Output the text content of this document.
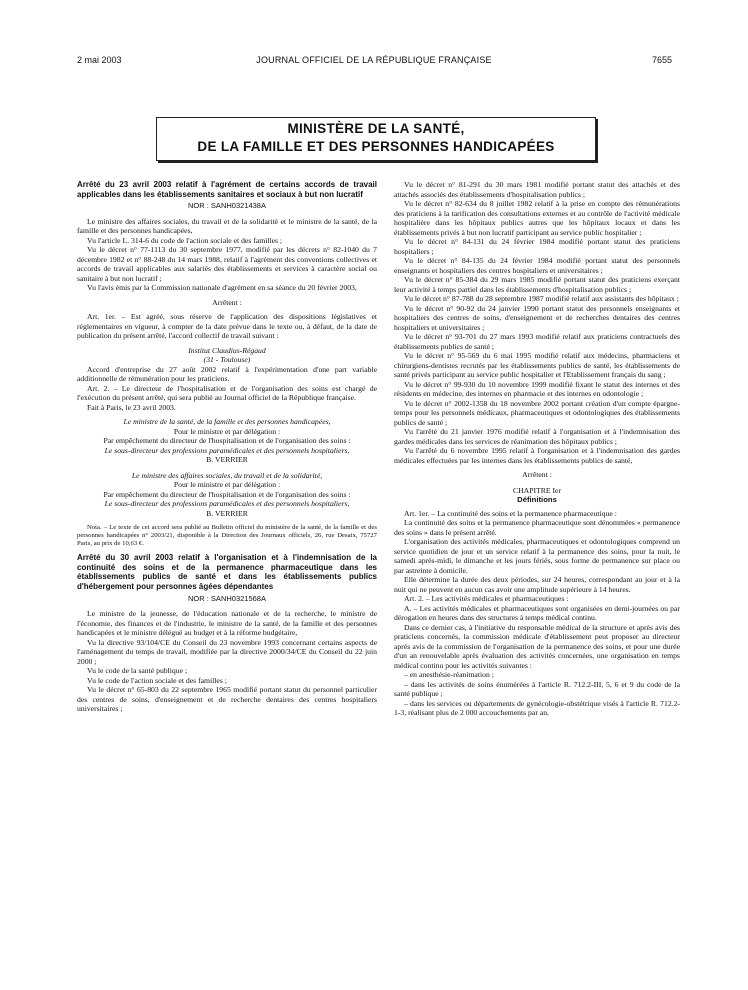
2 mai 2003	JOURNAL OFFICIEL DE LA RÉPUBLIQUE FRANÇAISE	7655
MINISTÈRE DE LA SANTÉ,
DE LA FAMILLE ET DES PERSONNES HANDICAPÉES

Arrêté du 23 avril 2003 relatif à l'agrément de certains accords de travail applicables dans les établissements sanitaires et sociaux à but non lucratif

NOR : SANH0321438A

Le ministre des affaires sociales, du travail et de la solidarité et le ministre de la santé, de la famille et des personnes handicapées,

Vu l'article L. 314-6 du code de l'action sociale et des familles ;

Vu le décret n° 77-1113 du 30 septembre 1977, modifié par les décrets n° 82-1040 du 7 décembre 1982 et n° 88-248 du 14 mars 1988, relatif à l'agrément des conventions collectives et accords de travail applicables aux salariés des établissements et services à caractère social ou sanitaire à but non lucratif ;

Vu l'avis émis par la Commission nationale d'agrément en sa séance du 20 février 2003,

Arrêtent :

Art. 1er. – Est agréé, sous réserve de l'application des dispositions législatives et réglementaires en vigueur, à compter de la date prévue dans le texte ou, à défaut, de la date de publication du présent arrêté, l'accord collectif de travail suivant :

Institut Claudius-Régaud

(31 - Toulouse)

Accord d'entreprise du 27 août 2002 relatif à l'expérimentation d'une part variable additionnelle de rémunération pour les praticiens.

Art. 2. – Le directeur de l'hospitalisation et de l'organisation des soins est chargé de l'exécution du présent arrêté, qui sera publié au Journal officiel de la République française.

Fait à Paris, le 23 avril 2003.

Le ministre de la santé, de la famille et des personnes handicapées,

Pour le ministre et par délégation :

Par empêchement du directeur de l'hospitalisation et de l'organisation des soins :

Le sous-directeur des professions paramédicales et des personnels hospitaliers,

B. VERRIER

Le ministre des affaires sociales, du travail et de la solidarité,

Pour le ministre et par délégation :

Par empêchement du directeur de l'hospitalisation et de l'organisation des soins :

Le sous-directeur des professions paramédicales et des personnels hospitaliers,

B. VERRIER

Nota. – Le texte de cet accord sera publié au Bulletin officiel du ministère de la santé, de la famille et des personnes handicapées n° 2003/21, disponible à la Direction des Journaux officiels, 26, rue Desaix, 75727 Paris, au prix de 10,63 €.

Arrêté du 30 avril 2003 relatif à l'organisation et à l'indemnisation de la continuité des soins et de la permanence pharmaceutique dans les établissements publics de santé et dans les établissements publics d'hébergement pour personnes âgées dépendantes

NOR : SANH0321568A

Le ministre de la jeunesse, de l'éducation nationale et de la recherche, le ministre de l'économie, des finances et de l'industrie, le ministre de la santé, de la famille et des personnes handicapées et le ministre délégué au budget et à la réforme budgétaire,

Vu la directive 93/104/CE du Conseil du 23 novembre 1993 concernant certains aspects de l'aménagement du temps de travail, modifiée par la directive 2000/34/CE du Conseil du 22 juin 2000 ;

Vu le code de la santé publique ;

Vu le code de l'action sociale et des familles ;

Vu le décret n° 65-803 du 22 septembre 1965 modifié portant statut du personnel particulier des centres de soins, d'enseignement et de recherche dentaires des centres hospitaliers universitaires ;

Vu le décret n° 81-291 du 30 mars 1981 modifié portant statut des attachés et des attachés associés des établissements d'hospitalisation publics ;

Vu le décret n° 82-634 du 8 juillet 1982 relatif à la prise en compte des rémunérations des praticiens à la tarification des consultations externes et au contrôle de l'activité médicale hospitalière dans les hôpitaux publics autres que les hôpitaux locaux et dans les établissements privés à but non lucratif participant au service public hospitalier ;

Vu le décret n° 84-131 du 24 février 1984 modifié portant statut des praticiens hospitaliers ;

Vu le décret n° 84-135 du 24 février 1984 modifié portant statut des personnels enseignants et hospitaliers des centres hospitaliers et universitaires ;

Vu le décret n° 85-384 du 29 mars 1985 modifié portant statut des praticiens exerçant leur activité à temps partiel dans les établissements d'hospitalisation publics ;

Vu le décret n° 87-788 du 28 septembre 1987 modifié relatif aux assistants des hôpitaux ;

Vu le décret n° 90-92 du 24 janvier 1990 portant statut des personnels enseignants et hospitaliers des centres de soins, d'enseignement et de recherches dentaires des centres hospitaliers et universitaires ;

Vu le décret n° 93-701 du 27 mars 1993 modifié relatif aux praticiens contractuels des établissements publics de santé ;

Vu le décret n° 95-569 du 6 mai 1995 modifié relatif aux médecins, pharmaciens et chirurgiens-dentistes recrutés par les établissements publics de santé, les établissements de santé privés participant au service public hospitalier et l'Etablissement français du sang ;

Vu le décret n° 99-930 du 10 novembre 1999 modifié fixant le statut des internes et des résidents en médecine, des internes en pharmacie et des internes en odontologie ;

Vu le décret n° 2002-1358 du 18 novembre 2002 portant création d'un compte épargne-temps pour les personnels médicaux, pharmaceutiques et odontologiques des établissements publics de santé ;

Vu l'arrêté du 21 janvier 1976 modifié relatif à l'organisation et à l'indemnisation des gardes médicales dans les services de réanimation des hôpitaux publics ;

Vu l'arrêté du 6 novembre 1995 relatif à l'organisation et à l'indemnisation des gardes médicales effectuées par les internes dans les établissements publics de santé,

Arrêtent :

CHAPITRE Ier

Définitions

Art. 1er. – La continuité des soins et la permanence pharmaceutique :

La continuité des soins et la permanence pharmaceutique sont dénommées « permanence des soins » dans le présent arrêté.

L'organisation des activités médicales, pharmaceutiques et odontologiques comprend un service quotidien de jour et un service relatif à la permanence des soins, pour la nuit, le samedi après-midi, le dimanche et les jours fériés, sous forme de permanence sur place ou par astreinte à domicile.

Elle détermine la durée des deux périodes, sur 24 heures, correspondant au jour et à la nuit qui ne peuvent en aucun cas avoir une amplitude supérieure à 14 heures.

Art. 2. – Les activités médicales et pharmaceutiques :

A. – Les activités médicales et pharmaceutiques sont organisées en demi-journées ou par dérogation en heures dans des structures à temps médical continu.

Dans ce dernier cas, à l'initiative du responsable médical de la structure et après avis des praticiens concernés, la commission médicale d'établissement peut proposer au directeur après avis de la commission de l'organisation de la permanence des soins, et pour une durée d'un an renouvelable après évaluation des activités concernées, une organisation en temps médical continu pour les activités suivantes :

– en anesthésie-réanimation ;

– dans les activités de soins énumérées à l'article R. 712.2-III, 5, 6 et 9 du code de la santé publique ;

– dans les services ou départements de gynécologie-obstétrique visés à l'article R. 712.2-1-3, réalisant plus de 2 000 accouchements par an.
